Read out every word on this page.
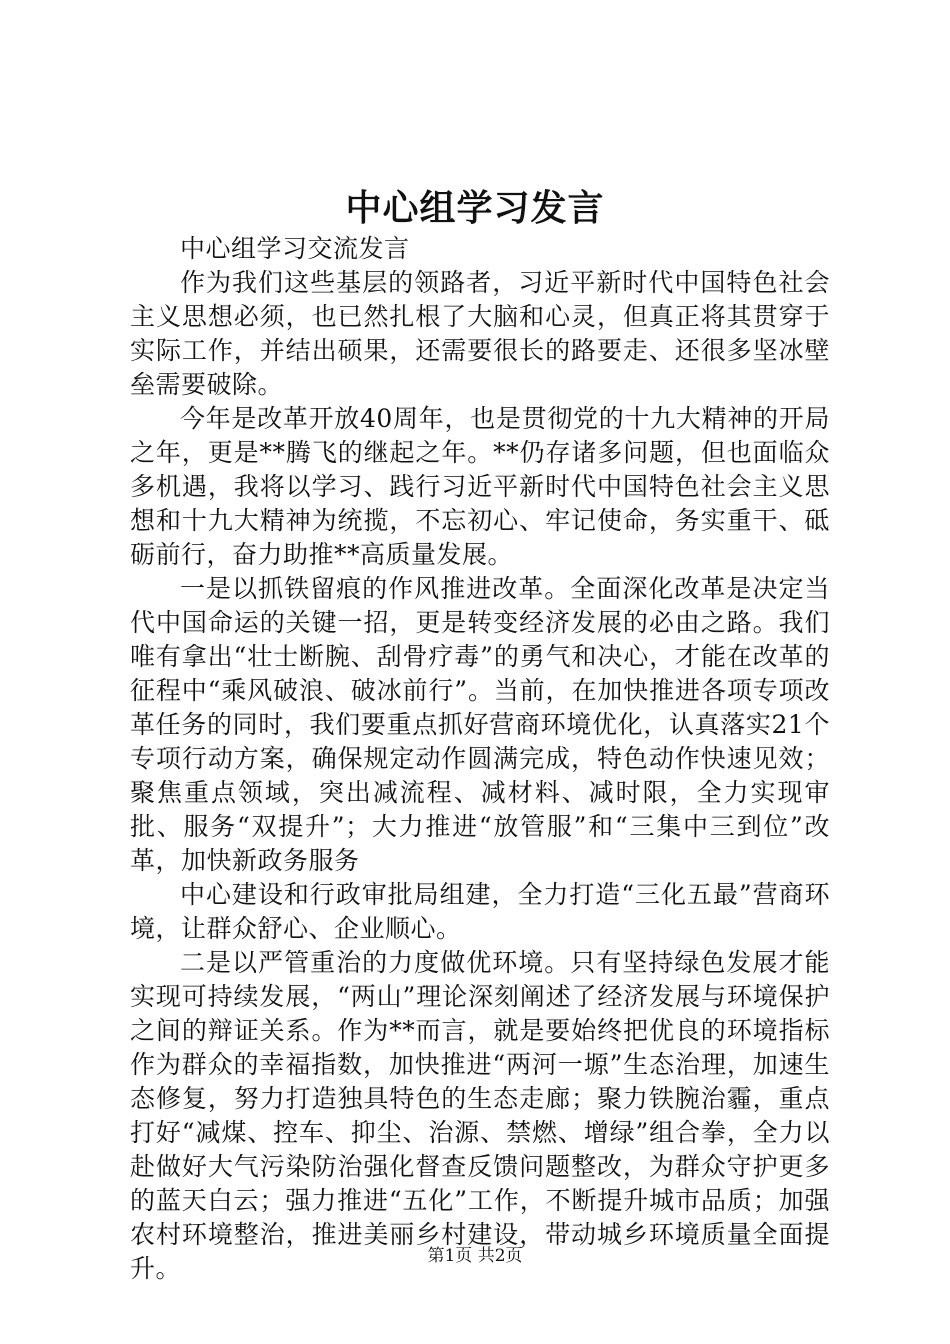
中心组学习发言

中心组学习交流发言

作为我们这些基层的领路者，习近平新时代中国特色社会主义思想必须，也已然扎根了大脑和心灵，但真正将其贯穿于实际工作，并结出硕果，还需要很长的路要走、还很多坚冰壁垒需要破除。

今年是改革开放40周年，也是贯彻党的十九大精神的开局之年，更是**腾飞的继起之年。**仍存诸多问题，但也面临众多机遇，我将以学习、践行习近平新时代中国特色社会主义思想和十九大精神为统揽，不忘初心、牢记使命，务实重干、砥砺前行，奋力助推**高质量发展。

一是以抓铁留痕的作风推进改革。全面深化改革是决定当代中国命运的关键一招，更是转变经济发展的必由之路。我们唯有拿出“壮士断腕、刮骨疗毒”的勇气和决心，才能在改革的征程中“乘风破浪、破冰前行”。当前，在加快推进各项专项改革任务的同时，我们要重点抓好营商环境优化，认真落实21个专项行动方案，确保规定动作圆满完成，特色动作快速见效；聚焦重点领域，突出减流程、减材料、减时限，全力实现审批、服务“双提升”；大力推进“放管服”和“三集中三到位”改革，加快新政务服务

中心建设和行政审批局组建，全力打造“三化五最”营商环境，让群众舒心、企业顺心。

二是以严管重治的力度做优环境。只有坚持绿色发展才能实现可持续发展，“两山”理论深刻阐述了经济发展与环境保护之间的辩证关系。作为**而言，就是要始终把优良的环境指标作为群众的幸福指数，加快推进“两河一塬”生态治理，加速生态修复，努力打造独具特色的生态走廊；聚力铁腕治霾，重点打好“减煤、控车、抑尘、治源、禁燃、增绿”组合拳，全力以赴做好大气污染防治强化督查反馈问题整改，为群众守护更多的蓝天白云；强力推进“五化”工作，不断提升城市品质；加强农村环境整治，推进美丽乡村建设，带动城乡环境质量全面提升。	第1页 共2页
